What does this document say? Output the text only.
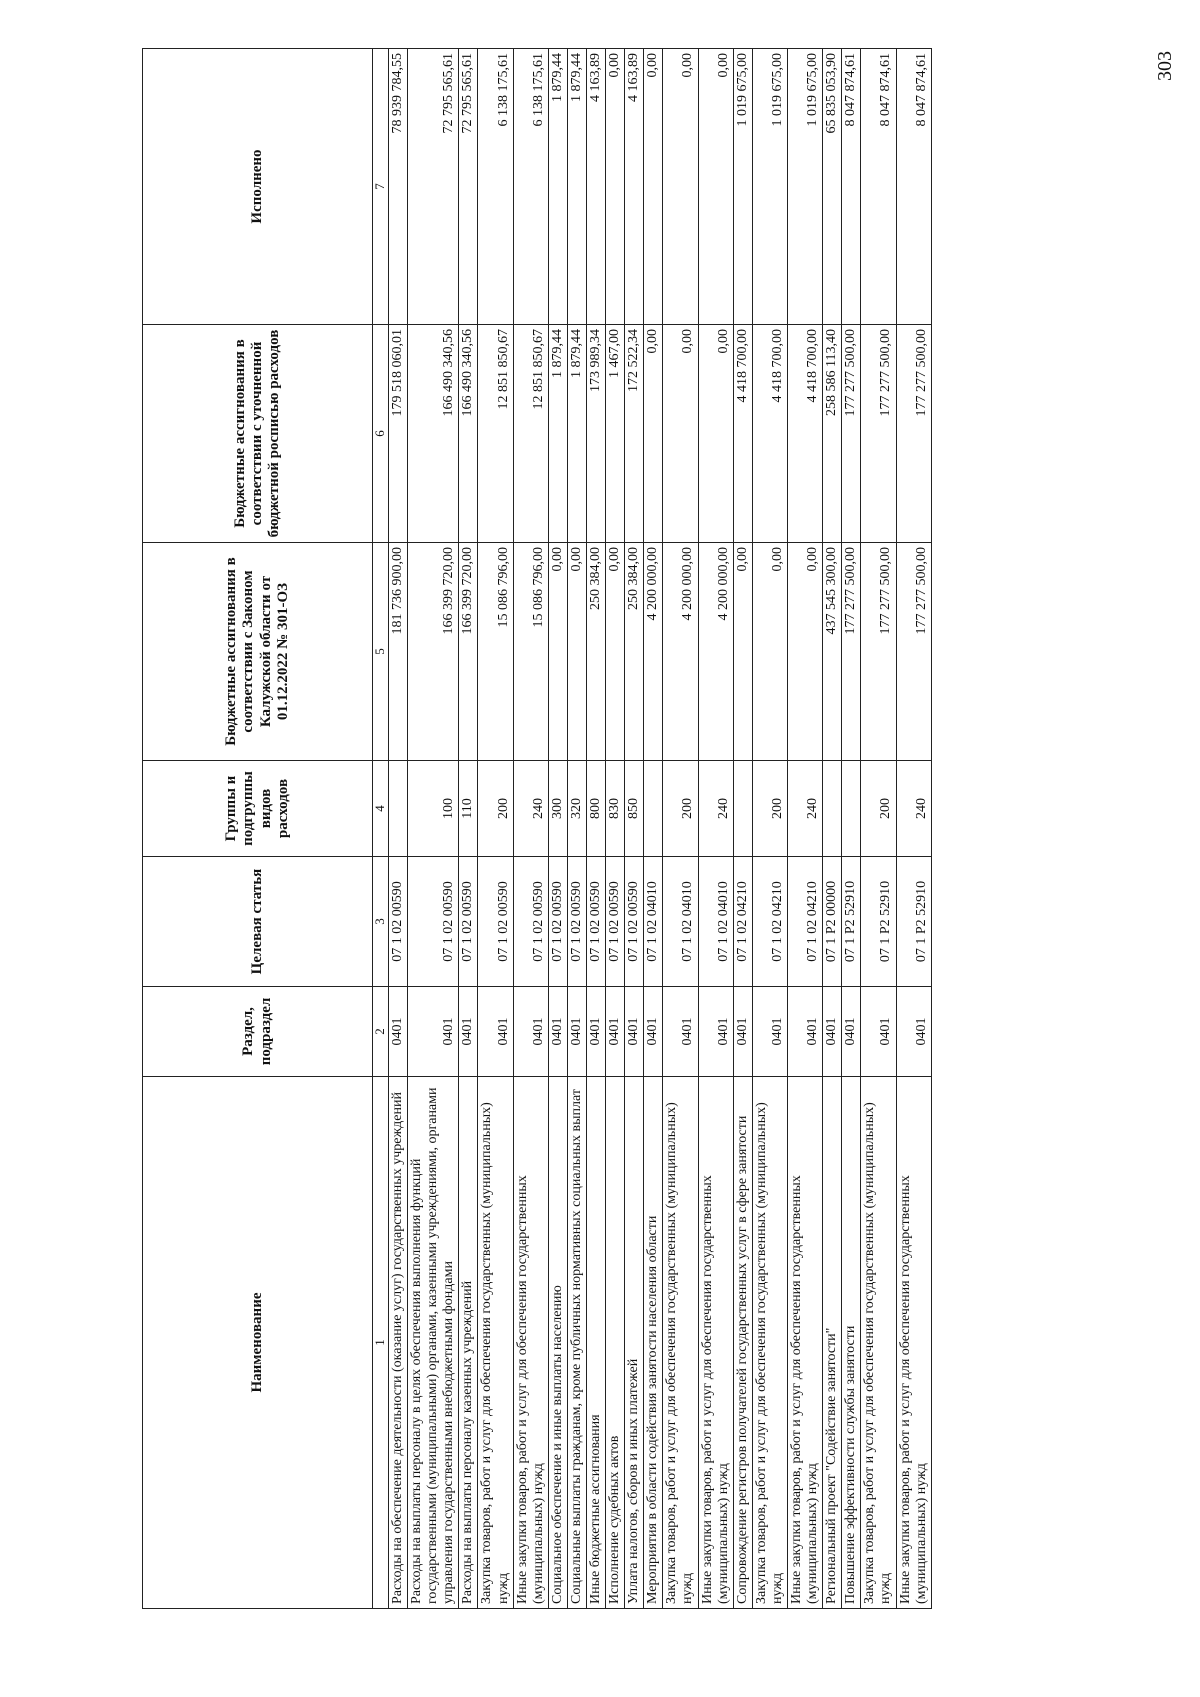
Наименование	Раздел, подраздел	Целевая статья	Группы и подгруппы видов расходов	Бюджетные ассигнования в соответствии с Законом Калужской области от 01.12.2022 № 301-ОЗ	Бюджетные ассигнования в соответствии с уточненной бюджетной росписью расходов	Исполнено
1	2	3	4	5	6	7
Расходы на обеспечение деятельности (оказание услуг) государственных учреждений	0401	07 1 02 00590		181 736 900,00	179 518 060,01	78 939 784,55
Расходы на выплаты персоналу в целях обеспечения выполнения функций государственными (муниципальными) органами, казенными учреждениями, органами управления государственными внебюджетными фондами	0401	07 1 02 00590	100	166 399 720,00	166 490 340,56	72 795 565,61
Расходы на выплаты персоналу казенных учреждений	0401	07 1 02 00590	110	166 399 720,00	166 490 340,56	72 795 565,61
Закупка товаров, работ и услуг для обеспечения государственных (муниципальных) нужд	0401	07 1 02 00590	200	15 086 796,00	12 851 850,67	6 138 175,61
Иные закупки товаров, работ и услуг для обеспечения государственных (муниципальных) нужд	0401	07 1 02 00590	240	15 086 796,00	12 851 850,67	6 138 175,61
Социальное обеспечение и иные выплаты населению	0401	07 1 02 00590	300	0,00	1 879,44	1 879,44
Социальные выплаты гражданам, кроме публичных нормативных социальных выплат	0401	07 1 02 00590	320	0,00	1 879,44	1 879,44
Иные бюджетные ассигнования	0401	07 1 02 00590	800	250 384,00	173 989,34	4 163,89
Исполнение судебных актов	0401	07 1 02 00590	830	0,00	1 467,00	0,00
Уплата налогов, сборов и иных платежей	0401	07 1 02 00590	850	250 384,00	172 522,34	4 163,89
Мероприятия в области содействия занятости населения области	0401	07 1 02 04010		4 200 000,00	0,00	0,00
Закупка товаров, работ и услуг для обеспечения государственных (муниципальных) нужд	0401	07 1 02 04010	200	4 200 000,00	0,00	0,00
Иные закупки товаров, работ и услуг для обеспечения государственных (муниципальных) нужд	0401	07 1 02 04010	240	4 200 000,00	0,00	0,00
Сопровождение регистров получателей государственных услуг в сфере занятости	0401	07 1 02 04210		0,00	4 418 700,00	1 019 675,00
Закупка товаров, работ и услуг для обеспечения государственных (муниципальных) нужд	0401	07 1 02 04210	200	0,00	4 418 700,00	1 019 675,00
Иные закупки товаров, работ и услуг для обеспечения государственных (муниципальных) нужд	0401	07 1 02 04210	240	0,00	4 418 700,00	1 019 675,00
Региональный проект "Содействие занятости"	0401	07 1 P2 00000		437 545 300,00	258 586 113,40	65 835 053,90
Повышение эффективности службы занятости	0401	07 1 P2 52910		177 277 500,00	177 277 500,00	8 047 874,61
Закупка товаров, работ и услуг для обеспечения государственных (муниципальных) нужд	0401	07 1 P2 52910	200	177 277 500,00	177 277 500,00	8 047 874,61
Иные закупки товаров, работ и услуг для обеспечения государственных (муниципальных) нужд	0401	07 1 P2 52910	240	177 277 500,00	177 277 500,00	8 047 874,61	303
